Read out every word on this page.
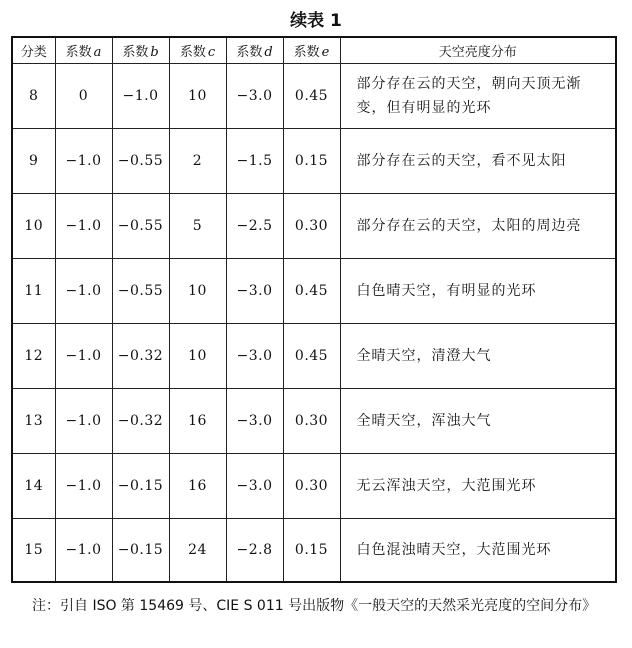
续表 1
分类	系数 a	系数 b	系数 c	系数 d	系数 e	天空亮度分布
8	0	−1.0	10	−3.0	0.45	部分存在云的天空，朝向天顶无渐变，但有明显的光环
9	−1.0	−0.55	2	−1.5	0.15	部分存在云的天空，看不见太阳
10	−1.0	−0.55	5	−2.5	0.30	部分存在云的天空，太阳的周边亮
11	−1.0	−0.55	10	−3.0	0.45	白色晴天空，有明显的光环
12	−1.0	−0.32	10	−3.0	0.45	全晴天空，清澄大气
13	−1.0	−0.32	16	−3.0	0.30	全晴天空，浑浊大气
14	−1.0	−0.15	16	−3.0	0.30	无云浑浊天空，大范围光环
15	−1.0	−0.15	24	−2.8	0.15	白色混浊晴天空，大范围光环
注：引自 ISO 第 15469 号、CIE S 011 号出版物《一般天空的天然采光亮度的空间分布》
